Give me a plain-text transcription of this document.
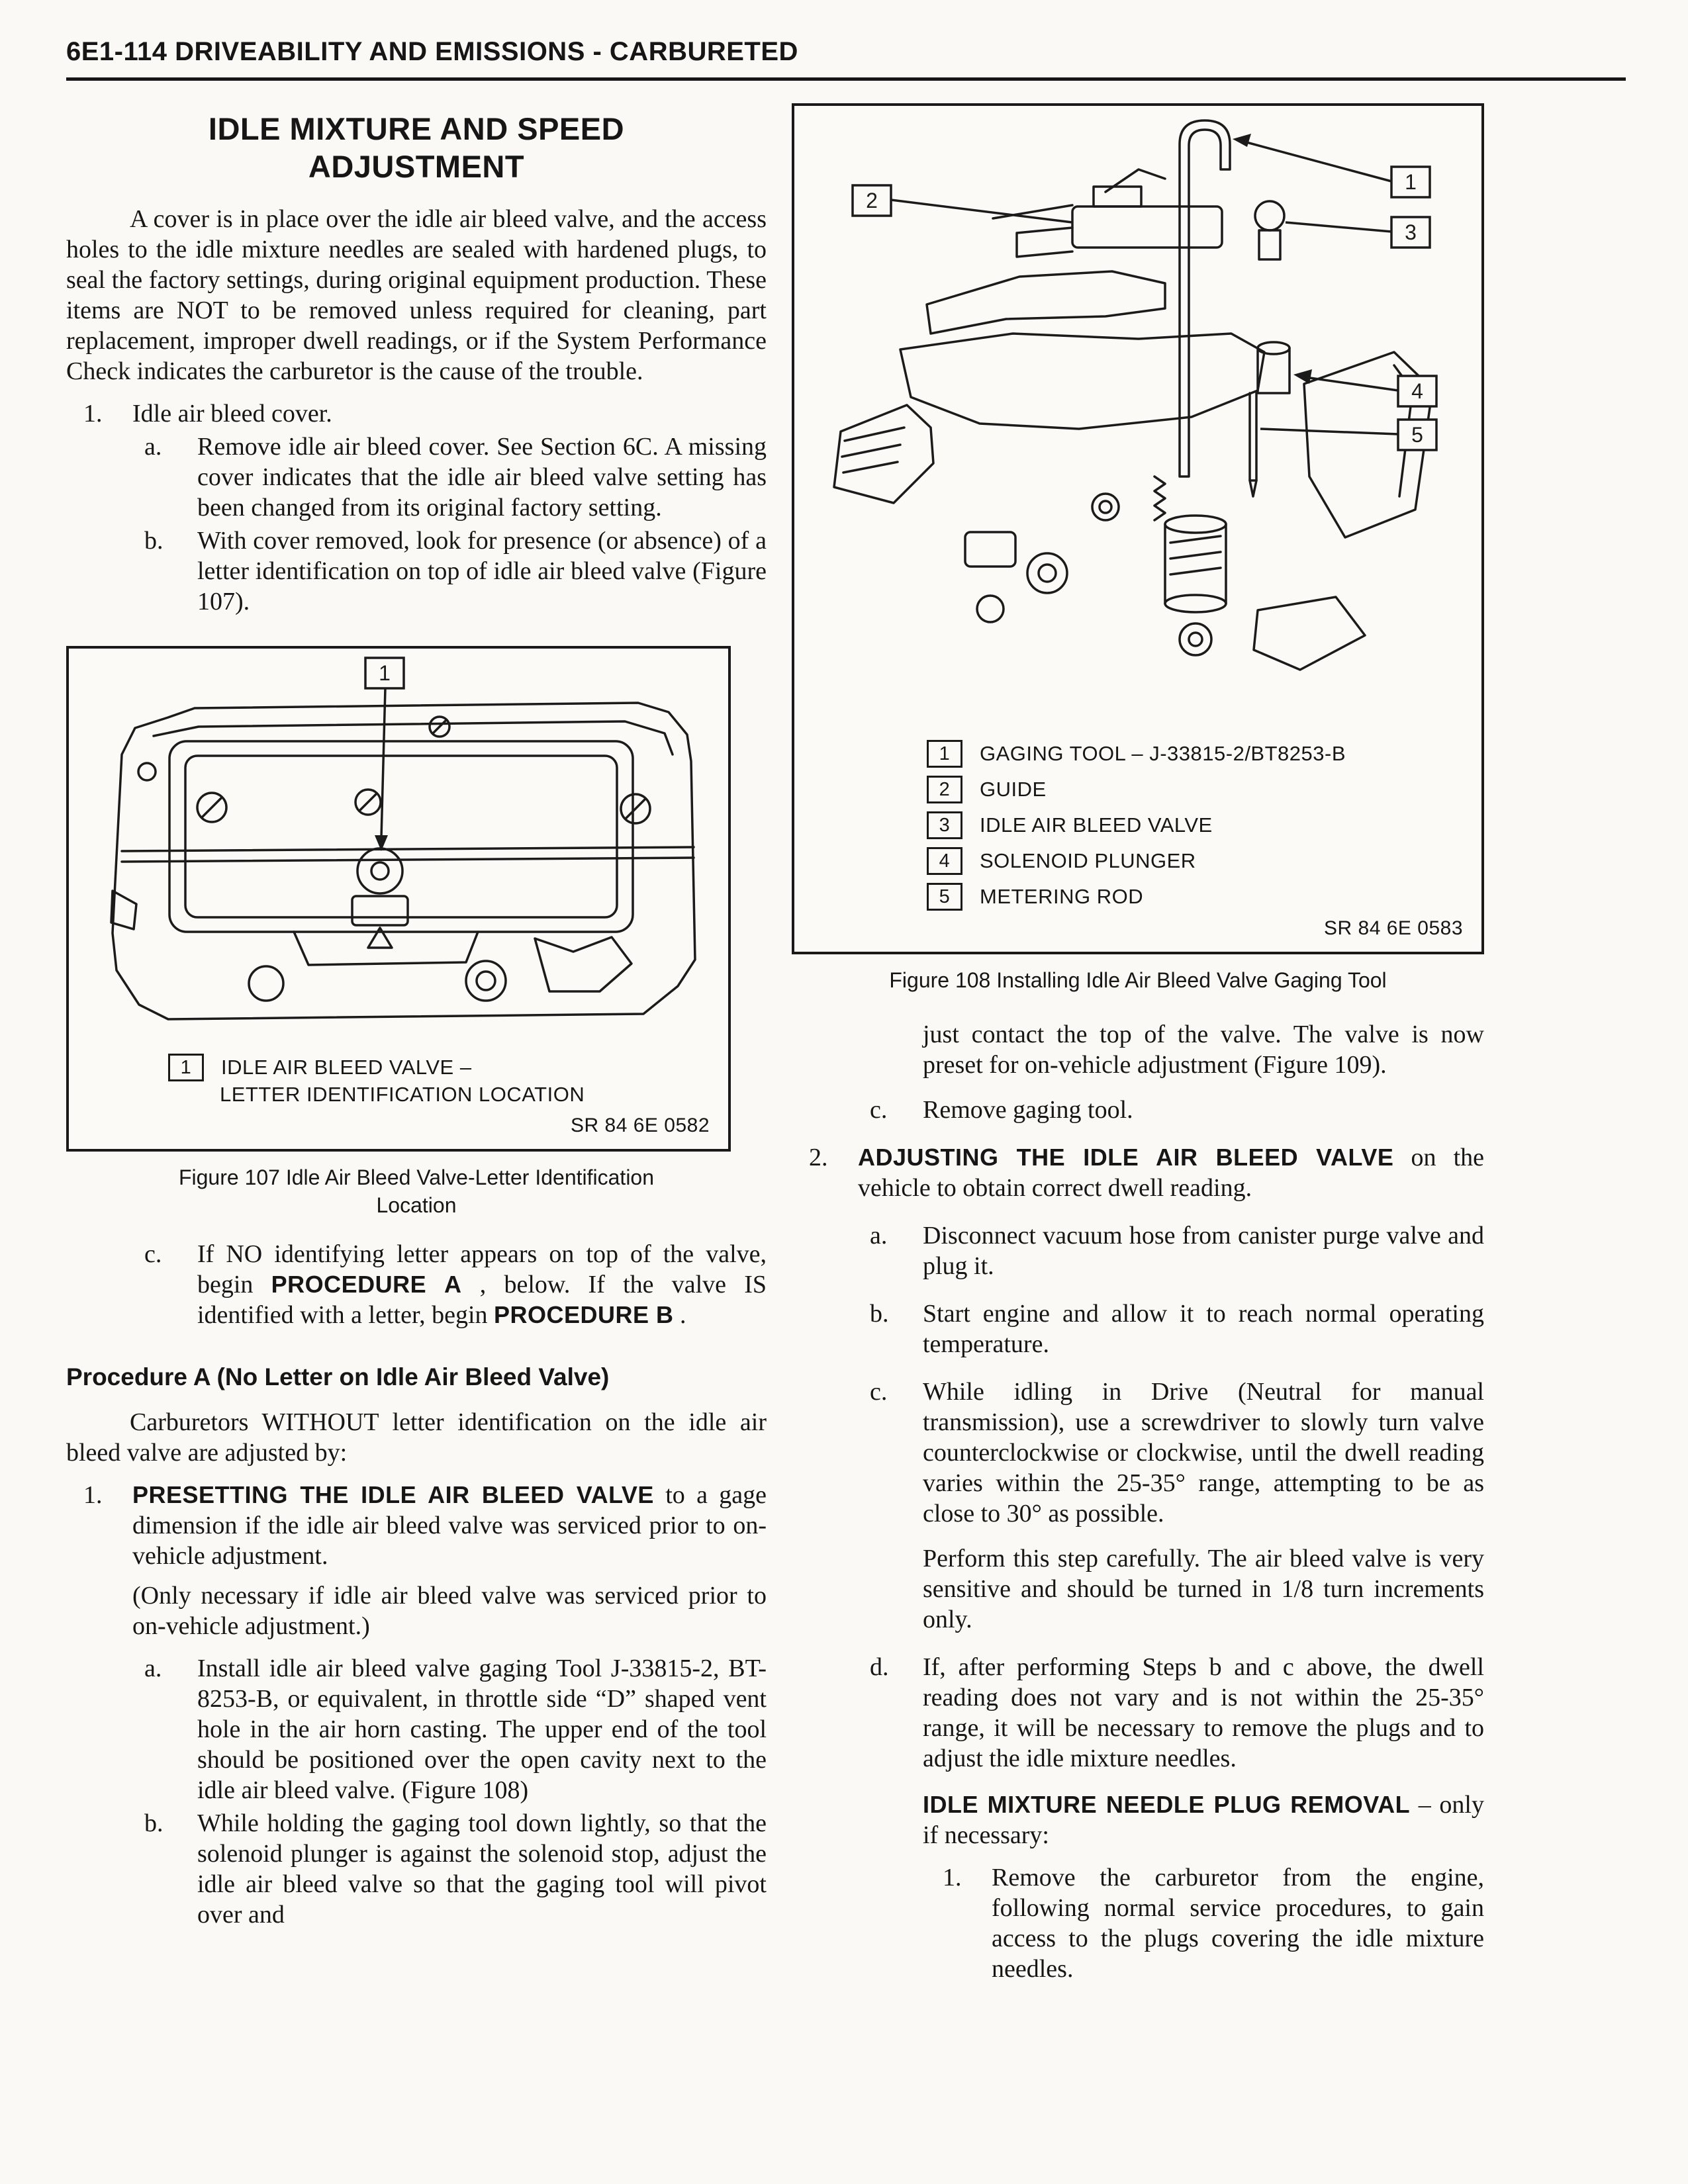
6E1-114 DRIVEABILITY AND EMISSIONS - CARBURETED
IDLE MIXTURE AND SPEED
ADJUSTMENT

A cover is in place over the idle air bleed valve, and the access holes to the idle mixture needles are sealed with hardened plugs, to seal the factory settings, during original equipment production. These items are NOT to be removed unless required for cleaning, part replacement, improper dwell readings, or if the System Performance Check indicates the carburetor is the cause of the trouble.

1.	Idle air bleed cover.
a.	Remove idle air bleed cover. See Section 6C. A missing cover indicates that the idle air bleed valve setting has been changed from its original factory setting.
b.	With cover removed, look for presence (or absence) of a letter identification on top of idle air bleed valve (Figure 107).
1
1	IDLE AIR BLEED VALVE –
LETTER IDENTIFICATION LOCATION
SR 84 6E 0582
Figure 107 Idle Air Bleed Valve-Letter Identification
Location
c.	If NO identifying letter appears on top of the valve, begin PROCEDURE A , below. If the valve IS identified with a letter, begin PROCEDURE B .
Procedure A (No Letter on Idle Air Bleed Valve)

Carburetors WITHOUT letter identification on the idle air bleed valve are adjusted by:

1.	PRESETTING THE IDLE AIR BLEED VALVE to a gage dimension if the idle air bleed valve was serviced prior to on-vehicle adjustment.
(Only necessary if idle air bleed valve was serviced prior to on-vehicle adjustment.)
a.	Install idle air bleed valve gaging Tool J-33815-2, BT-8253-B, or equivalent, in throttle side “D” shaped vent hole in the air horn casting. The upper end of the tool should be positioned over the open cavity next to the idle air bleed valve. (Figure 108)
b.	While holding the gaging tool down lightly, so that the solenoid plunger is against the solenoid stop, adjust the idle air bleed valve so that the gaging tool will pivot over and
1
2
3
4
5
1	GAGING TOOL – J-33815-2/BT8253-B
2	GUIDE
3	IDLE AIR BLEED VALVE
4	SOLENOID PLUNGER
5	METERING ROD
SR 84 6E 0583
Figure 108 Installing Idle Air Bleed Valve Gaging Tool

just contact the top of the valve. The valve is now preset for on-vehicle adjustment (Figure 109).

c.	Remove gaging tool.
2.	ADJUSTING THE IDLE AIR BLEED VALVE on the vehicle to obtain correct dwell reading.
a.	Disconnect vacuum hose from canister purge valve and plug it.
b.	Start engine and allow it to reach normal operating temperature.
c.	While idling in Drive (Neutral for manual transmission), use a screwdriver to slowly turn valve counterclockwise or clockwise, until the dwell reading varies within the 25-35° range, attempting to be as close to 30° as possible.

Perform this step carefully. The air bleed valve is very sensitive and should be turned in 1/8 turn increments only.

d.	If, after performing Steps b and c above, the dwell reading does not vary and is not within the 25-35° range, it will be necessary to remove the plugs and to adjust the idle mixture needles.

IDLE MIXTURE NEEDLE PLUG REMOVAL – only if necessary:

1.	Remove the carburetor from the engine, following normal service procedures, to gain access to the plugs covering the idle mixture needles.
